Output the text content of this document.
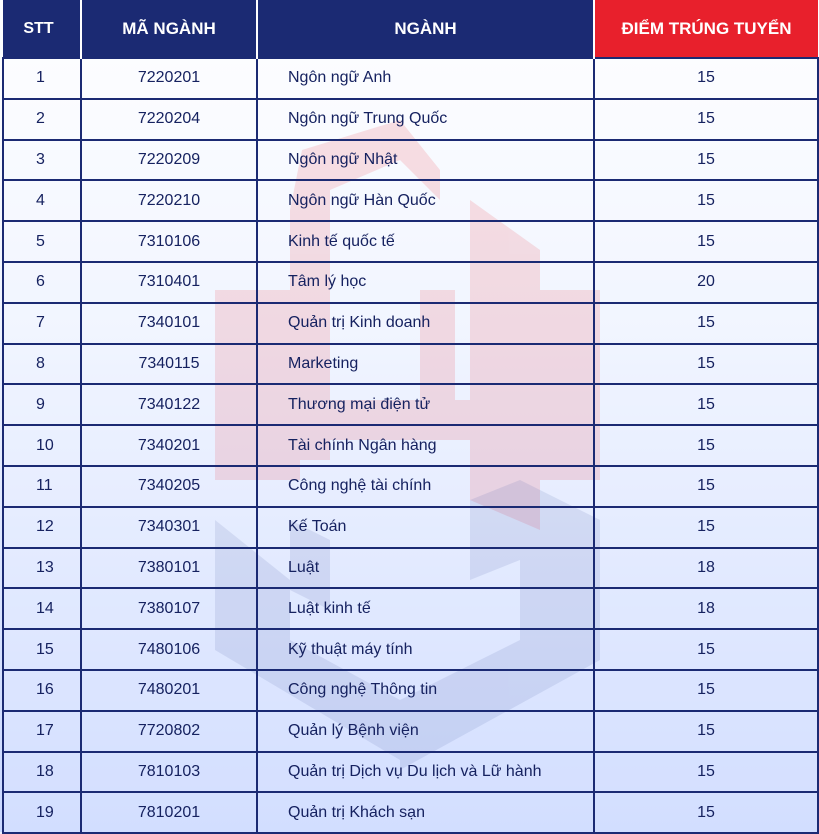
STT	MÃ NGÀNH	NGÀNH	ĐIỂM TRÚNG TUYỂN
1	7220201	Ngôn ngữ Anh	15
2	7220204	Ngôn ngữ Trung Quốc	15
3	7220209	Ngôn ngữ Nhật	15
4	7220210	Ngôn ngữ Hàn Quốc	15
5	7310106	Kinh tế quốc tế	15
6	7310401	Tâm lý học	20
7	7340101	Quản trị Kinh doanh	15
8	7340115	Marketing	15
9	7340122	Thương mại điện tử	15
10	7340201	Tài chính Ngân hàng	15
11	7340205	Công nghệ tài chính	15
12	7340301	Kế Toán	15
13	7380101	Luật	18
14	7380107	Luật kinh tế	18
15	7480106	Kỹ thuật máy tính	15
16	7480201	Công nghệ Thông tin	15
17	7720802	Quản lý Bệnh viện	15
18	7810103	Quản trị Dịch vụ Du lịch và Lữ hành	15
19	7810201	Quản trị Khách sạn	15
